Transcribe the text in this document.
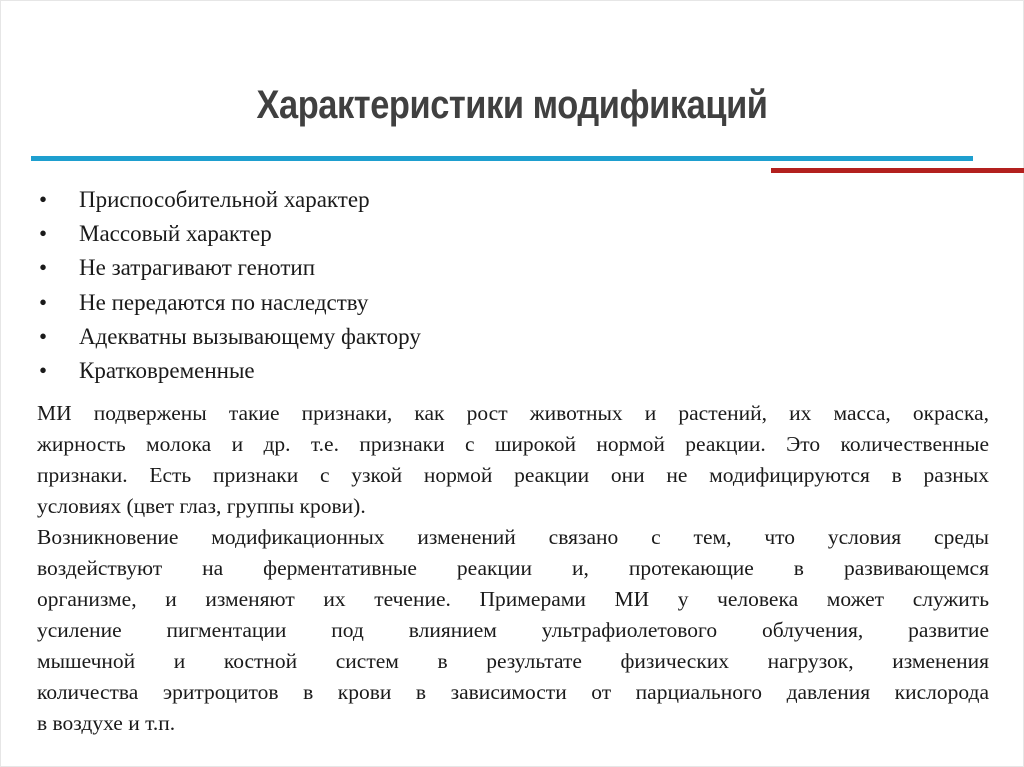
Характеристики модификаций
•	Приспособительной характер
•	Массовый характер
•	Не затрагивают генотип
•	Не передаются по наследству
•	Адекватны вызывающему фактору
•	Кратковременные
МИ подвержены такие признаки, как рост животных и растений, их масса, окраска,
жирность молока и др. т.е. признаки с широкой нормой реакции. Это количественные
признаки. Есть признаки с узкой нормой реакции они не модифицируются в разных
условиях (цвет глаз, группы крови).
Возникновение модификационных изменений связано с тем, что условия среды
воздействуют на ферментативные реакции и, протекающие в развивающемся
организме, и изменяют их течение. Примерами МИ у человека может служить
усиление пигментации под влиянием ультрафиолетового облучения, развитие
мышечной и костной систем в результате физических нагрузок, изменения
количества эритроцитов в крови в зависимости от парциального давления кислорода
в воздухе и т.п.
